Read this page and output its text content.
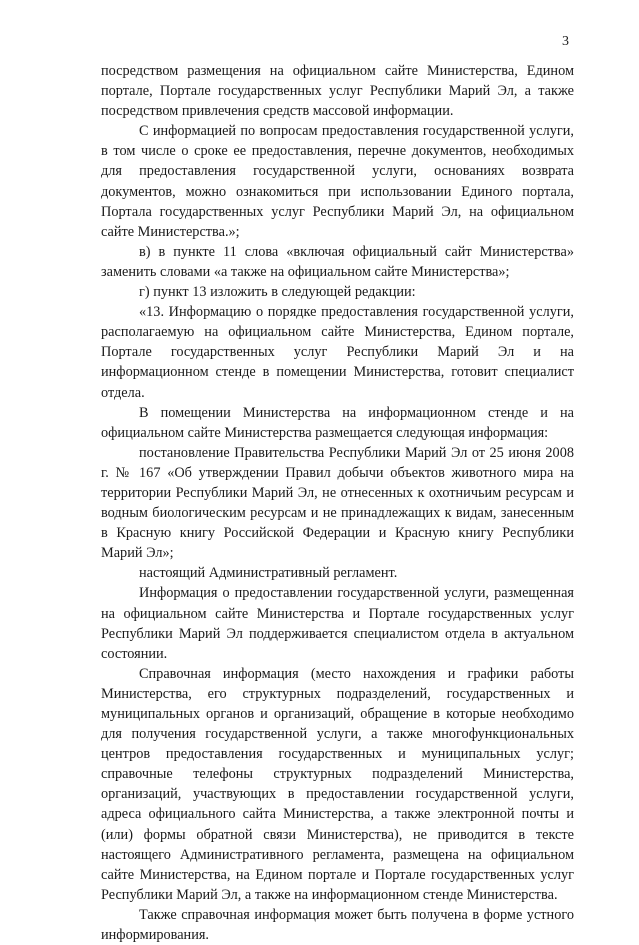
3

посредством размещения на официальном сайте Министерства, Едином портале, Портале государственных услуг Республики Марий Эл, а также посредством привлечения средств массовой информации.

С информацией по вопросам предоставления государственной услуги, в том числе о сроке ее предоставления, перечне документов, необходимых для предоставления государственной услуги, основаниях возврата документов, можно ознакомиться при использовании Единого портала, Портала государственных услуг Республики Марий Эл, на официальном сайте Министерства.»;

в) в пункте 11 слова «включая официальный сайт Министерства» заменить словами «а также на официальном сайте Министерства»;

г) пункт 13 изложить в следующей редакции:

«13. Информацию о порядке предоставления государственной услуги, располагаемую на официальном сайте Министерства, Едином портале, Портале государственных услуг Республики Марий Эл и на информационном стенде в помещении Министерства, готовит специалист отдела.

В помещении Министерства на информационном стенде и на официальном сайте Министерства размещается следующая информация:

постановление Правительства Республики Марий Эл от 25 июня 2008 г. № 167 «Об утверждении Правил добычи объектов животного мира на территории Республики Марий Эл, не отнесенных к охотничьим ресурсам и водным биологическим ресурсам и не принадлежащих к видам, занесенным в Красную книгу Российской Федерации и Красную книгу Республики Марий Эл»;

настоящий Административный регламент.

Информация о предоставлении государственной услуги, размещенная на официальном сайте Министерства и Портале государственных услуг Республики Марий Эл поддерживается специалистом отдела в актуальном состоянии.

Справочная информация (место нахождения и графики работы Министерства, его структурных подразделений, государственных и муниципальных органов и организаций, обращение в которые необходимо для получения государственной услуги, а также многофункциональных центров предоставления государственных и муниципальных услуг; справочные телефоны структурных подразделений Министерства, организаций, участвующих в предоставлении государственной услуги, адреса официального сайта Министерства, а также электронной почты и (или) формы обратной связи Министерства), не приводится в тексте настоящего Административного регламента, размещена на официальном сайте Министерства, на Едином портале и Портале государственных услуг Республики Марий Эл, а также на информационном стенде Министерства.

Также справочная информация может быть получена в форме устного информирования.
